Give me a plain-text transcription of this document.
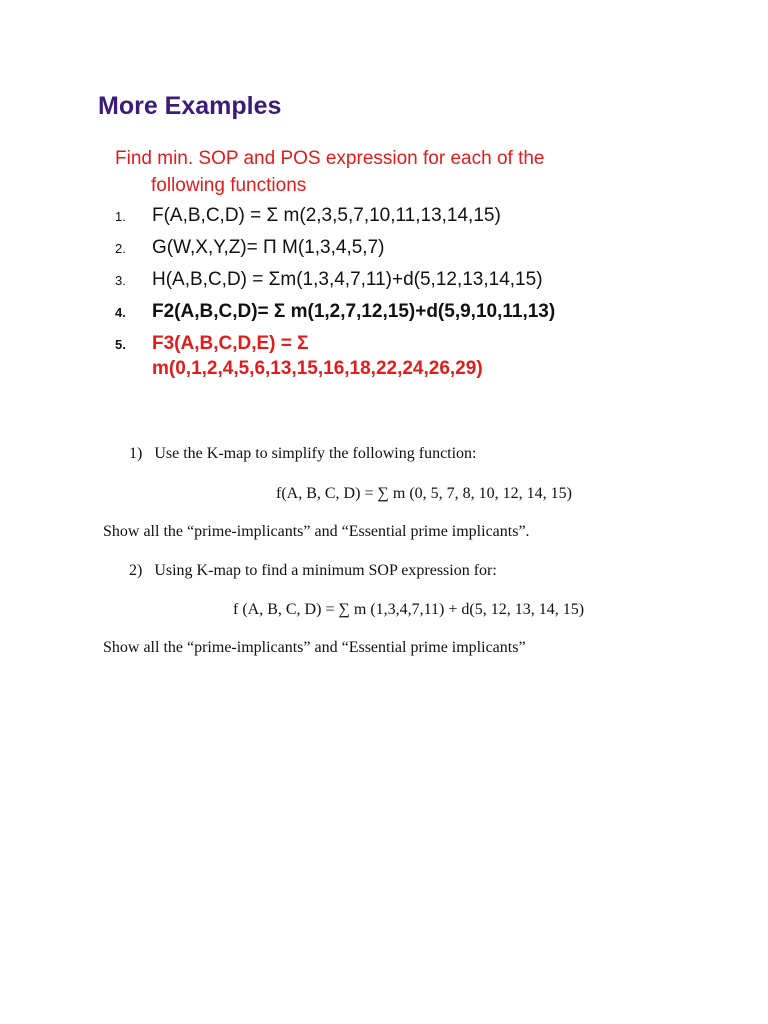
More Examples
Find min. SOP and POS expression for each of the
following functions
1. F(A,B,C,D) = Σ m(2,3,5,7,10,11,13,14,15)
2. G(W,X,Y,Z)= Π M(1,3,4,5,7)
3. H(A,B,C,D) = Σm(1,3,4,7,11)+d(5,12,13,14,15)
4. F2(A,B,C,D)= Σ m(1,2,7,12,15)+d(5,9,10,11,13)
5. F3(A,B,C,D,E) = Σ
m(0,1,2,4,5,6,13,15,16,18,22,24,26,29)
1) Use the K-map to simplify the following function:
f(A, B, C, D) = ∑ m (0, 5, 7, 8, 10, 12, 14, 15)
Show all the “prime-implicants” and “Essential prime implicants”.
2) Using K-map to find a minimum SOP expression for:
f (A, B, C, D) = ∑ m (1,3,4,7,11) + d(5, 12, 13, 14, 15)
Show all the “prime-implicants” and “Essential prime implicants”
